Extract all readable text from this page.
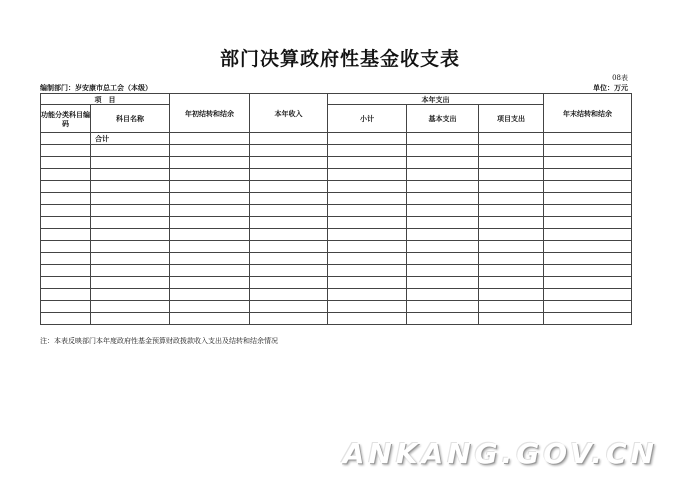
部门决算政府性基金收支表
08表
编制部门：岁安康市总工会（本级）	单位：万元
项　目		年初结转和结余	本年收入	本年支出			年末结转和结余
功能分类科目编码	科目名称			小计	基本支出	项目支出	
	合计						

注：本表反映部门本年度政府性基金预算财政拨款收入支出及结转和结余情况
ANKANG.GOV.CN
